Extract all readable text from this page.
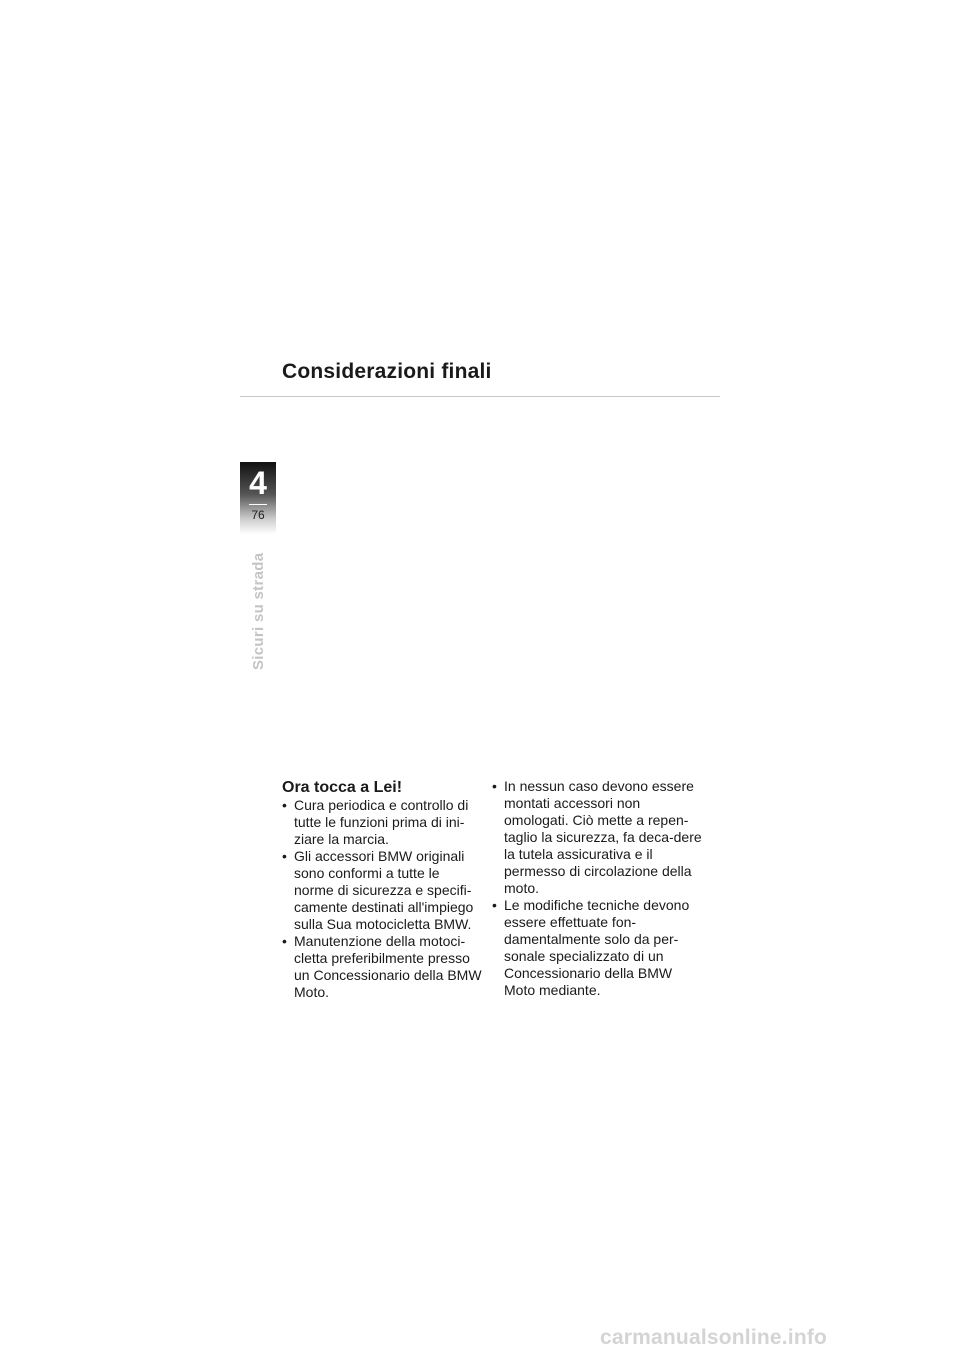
Considerazioni finali
4
76
Sicuri su strada
Ora tocca a Lei!
• Cura periodica e controllo di tutte le funzioni prima di ini-ziare la marcia.
• Gli accessori BMW originali sono conformi a tutte le norme di sicurezza e specifi-camente destinati all'impiego sulla Sua motocicletta BMW.
• Manutenzione della motoci-cletta preferibilmente presso un Concessionario della BMW Moto.
• In nessun caso devono essere montati accessori non omologati. Ciò mette a repen-taglio la sicurezza, fa deca-dere la tutela assicurativa e il permesso di circolazione della moto.
• Le modifiche tecniche devono essere effettuate fon-damentalmente solo da per-sonale specializzato di un Concessionario della BMW Moto mediante.
carmanualsonline.info
